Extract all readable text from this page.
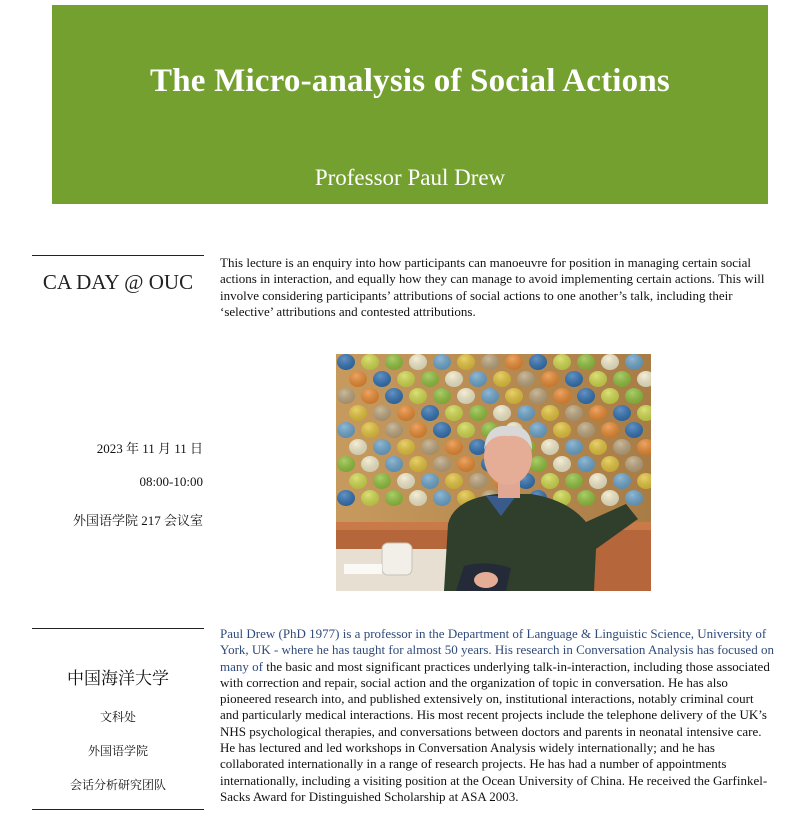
The Micro-analysis of Social Actions
Professor Paul Drew
CA DAY @ OUC

This lecture is an enquiry into how participants can manoeuvre for position in managing certain social actions in interaction, and equally how they can manage to avoid implementing certain actions. This will involve considering participants’ attributions of social actions to one another’s talk, including their ‘selective’ attributions and contested attributions.

2023 年 11 月 11 日
08:00-10:00
外国语学院 217 会议室
中国海洋大学
文科处
外国语学院
会话分析研究团队

Paul Drew (PhD 1977) is a professor in the Department of Language & Linguistic Science, University of York, UK - where he has taught for almost 50 years. His research in Conversation Analysis has focused on many of the basic and most significant practices underlying talk-in-interaction, including those associated with correction and repair, social action and the organization of topic in conversation. He has also pioneered research into, and published extensively on, institutional interactions, notably criminal court and particularly medical interactions. His most recent projects include the telephone delivery of the UK’s NHS psychological therapies, and conversations between doctors and parents in neonatal intensive care. He has lectured and led workshops in Conversation Analysis widely internationally; and he has collaborated internationally in a range of research projects. He has had a number of appointments internationally, including a visiting position at the Ocean University of China. He received the Garfinkel-Sacks Award for Distinguished Scholarship at ASA 2003.
